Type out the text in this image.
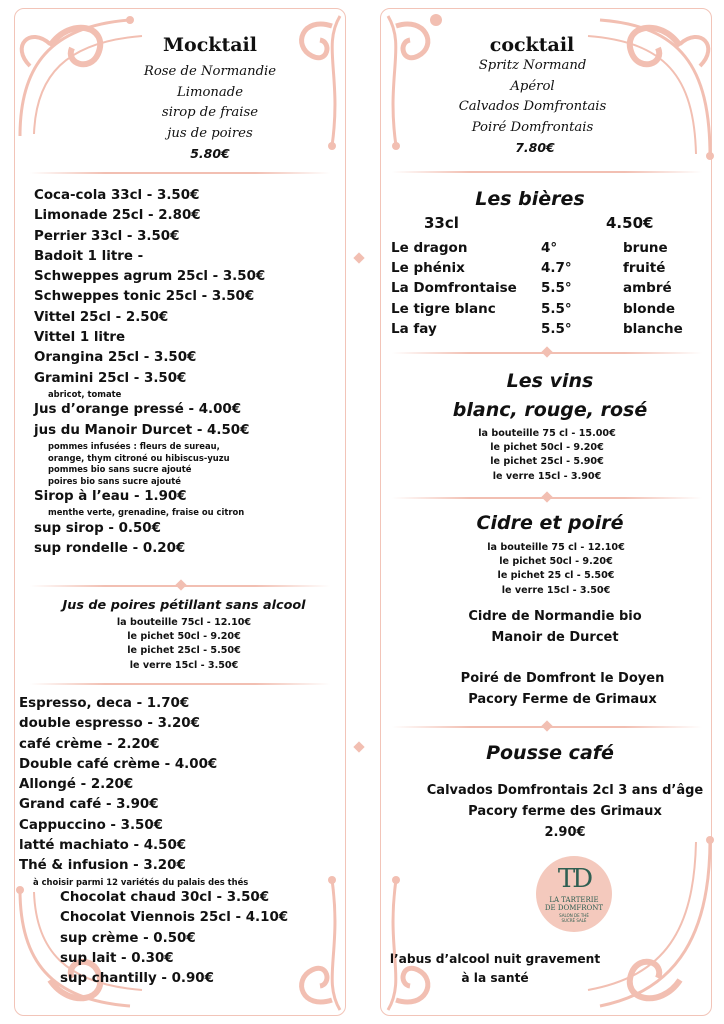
Mocktail
Rose de Normandie
Limonade
sirop de fraise
jus de poires
5.80€
Coca-cola 33cl - 3.50€
Limonade 25cl - 2.80€
Perrier 33cl - 3.50€
Badoit 1 litre -
Schweppes agrum 25cl - 3.50€
Schweppes tonic 25cl - 3.50€
Vittel 25cl - 2.50€
Vittel 1 litre
Orangina 25cl - 3.50€
Gramini 25cl - 3.50€
abricot, tomate
Jus d’orange pressé - 4.00€
jus du Manoir Durcet - 4.50€
pommes infusées : fleurs de sureau,
orange, thym citroné ou hibiscus-yuzu
pommes bio sans sucre ajouté
poires bio sans sucre ajouté
Sirop à l’eau - 1.90€
menthe verte, grenadine, fraise ou citron
sup sirop - 0.50€
sup rondelle - 0.20€
Jus de poires pétillant sans alcool
la bouteille 75cl - 12.10€
le pichet 50cl - 9.20€
le pichet 25cl - 5.50€
le verre 15cl - 3.50€
Espresso, deca - 1.70€
double espresso - 3.20€
café crème - 2.20€
Double café crème - 4.00€
Allongé - 2.20€
Grand café - 3.90€
Cappuccino - 3.50€
latté machiato - 4.50€
Thé & infusion - 3.20€
à choisir parmi 12 variétés du palais des thés
Chocolat chaud 30cl - 3.50€
Chocolat Viennois 25cl - 4.10€
sup crème - 0.50€
sup lait - 0.30€
sup chantilly - 0.90€
cocktail
Spritz Normand
Apérol
Calvados Domfrontais
Poiré Domfrontais
7.80€
Les bières
33cl	4.50€
Le dragon	4°	brune
Le phénix	4.7°	fruité
La Domfrontaise	5.5°	ambré
Le tigre blanc	5.5°	blonde
La fay	5.5°	blanche
Les vins
blanc, rouge, rosé
la bouteille 75 cl - 15.00€
le pichet 50cl - 9.20€
le pichet 25cl - 5.90€
le verre 15cl - 3.90€
Cidre et poiré
la bouteille 75 cl - 12.10€
le pichet 50cl - 9.20€
le pichet 25 cl - 5.50€
le verre 15cl - 3.50€
Cidre de Normandie bio
Manoir de Durcet
Poiré de Domfront le Doyen
Pacory Ferme de Grimaux
Pousse café
Calvados Domfrontais 2cl 3 ans d’âge
Pacory ferme des Grimaux
2.90€
TD
LA TARTERIE
DE DOMFRONT
SALON DE THÉ
SUCRÉ SALÉ
l’abus d’alcool nuit gravement
à la santé
